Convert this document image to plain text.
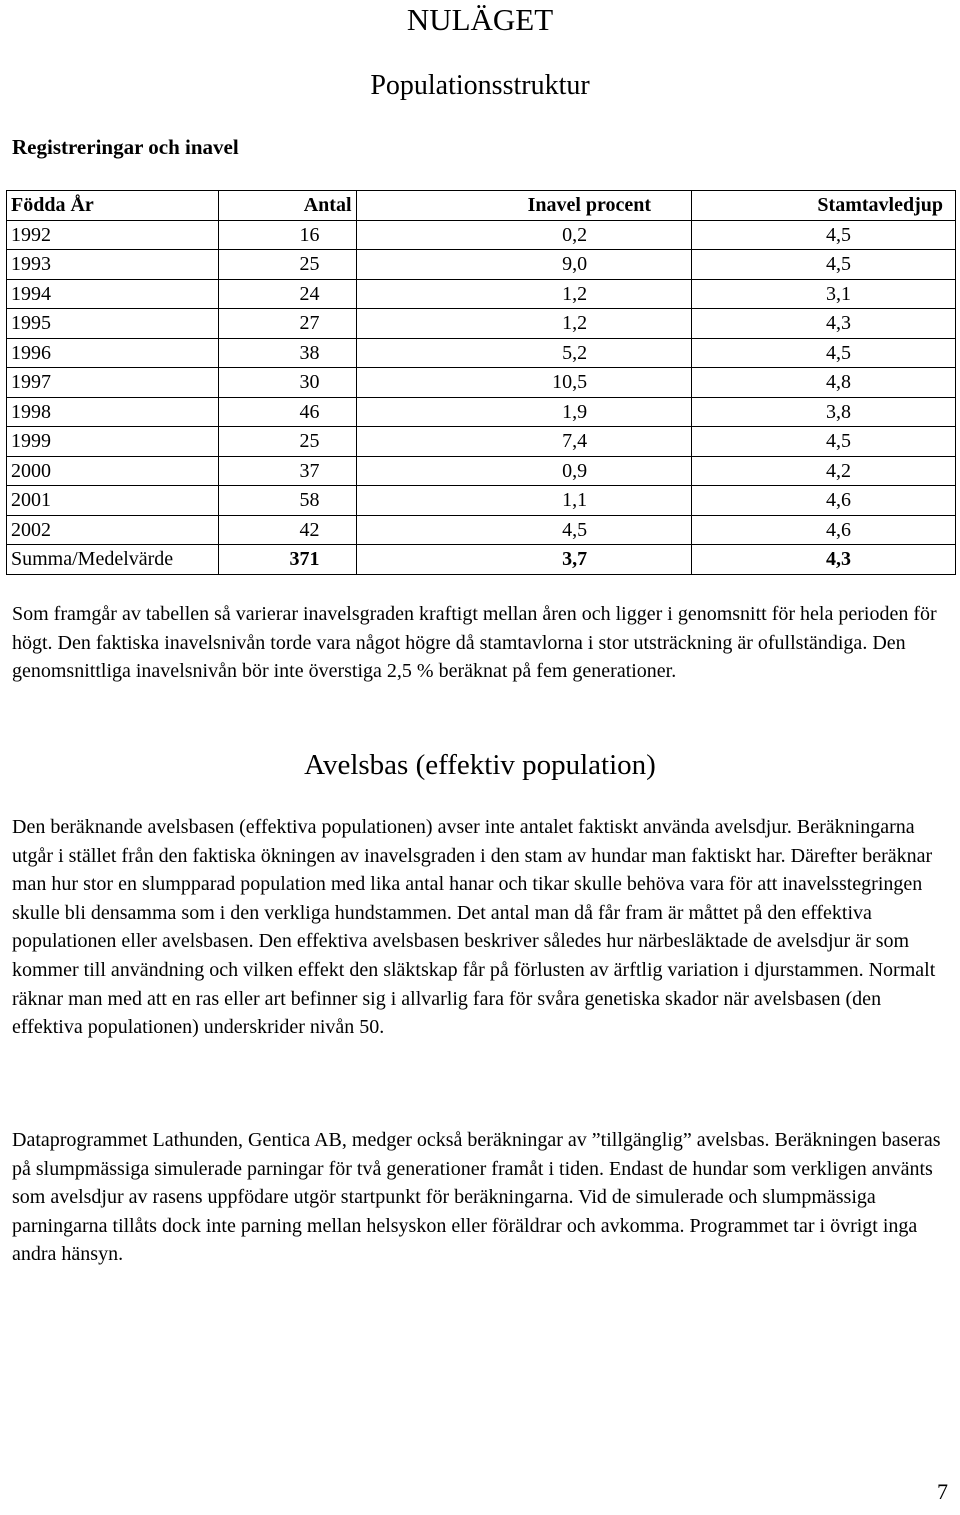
NULÄGET
Populationsstruktur
Registreringar och inavel
Födda År	Antal	Inavel procent	Stamtavledjup
1992	16	0,2	4,5
1993	25	9,0	4,5
1994	24	1,2	3,1
1995	27	1,2	4,3
1996	38	5,2	4,5
1997	30	10,5	4,8
1998	46	1,9	3,8
1999	25	7,4	4,5
2000	37	0,9	4,2
2001	58	1,1	4,6
2002	42	4,5	4,6
Summa/Medelvärde	371	3,7	4,3
Som framgår av tabellen så varierar inavelsgraden kraftigt mellan åren och ligger i genomsnitt för hela perioden för högt. Den faktiska inavelsnivån torde vara något högre då stamtavlorna i stor utsträckning är ofullständiga. Den genomsnittliga inavelsnivån bör inte överstiga 2,5 % beräknat på fem generationer.
Avelsbas (effektiv population)
Den beräknande avelsbasen (effektiva populationen) avser inte antalet faktiskt använda avelsdjur. Beräkningarna utgår i stället från den faktiska ökningen av inavelsgraden i den stam av hundar man faktiskt har. Därefter beräknar man hur stor en slumpparad population med lika antal hanar och tikar skulle behöva vara för att inavelsstegringen skulle bli densamma som i den verkliga hundstammen. Det antal man då får fram är måttet på den effektiva populationen eller avelsbasen. Den effektiva avelsbasen beskriver således hur närbesläktade de avelsdjur är som kommer till användning och vilken effekt den släktskap får på förlusten av ärftlig variation i djurstammen. Normalt räknar man med att en ras eller art befinner sig i allvarlig fara för svåra genetiska skador när avelsbasen (den effektiva populationen) underskrider nivån 50.
Dataprogrammet Lathunden, Gentica AB, medger också beräkningar av ”tillgänglig” avelsbas. Beräkningen baseras på slumpmässiga simulerade parningar för två generationer framåt i tiden. Endast de hundar som verkligen använts som avelsdjur av rasens uppfödare utgör startpunkt för beräkningarna. Vid de simulerade och slumpmässiga parningarna tillåts dock inte parning mellan helsyskon eller föräldrar och avkomma. Programmet tar i övrigt inga andra hänsyn.
7
